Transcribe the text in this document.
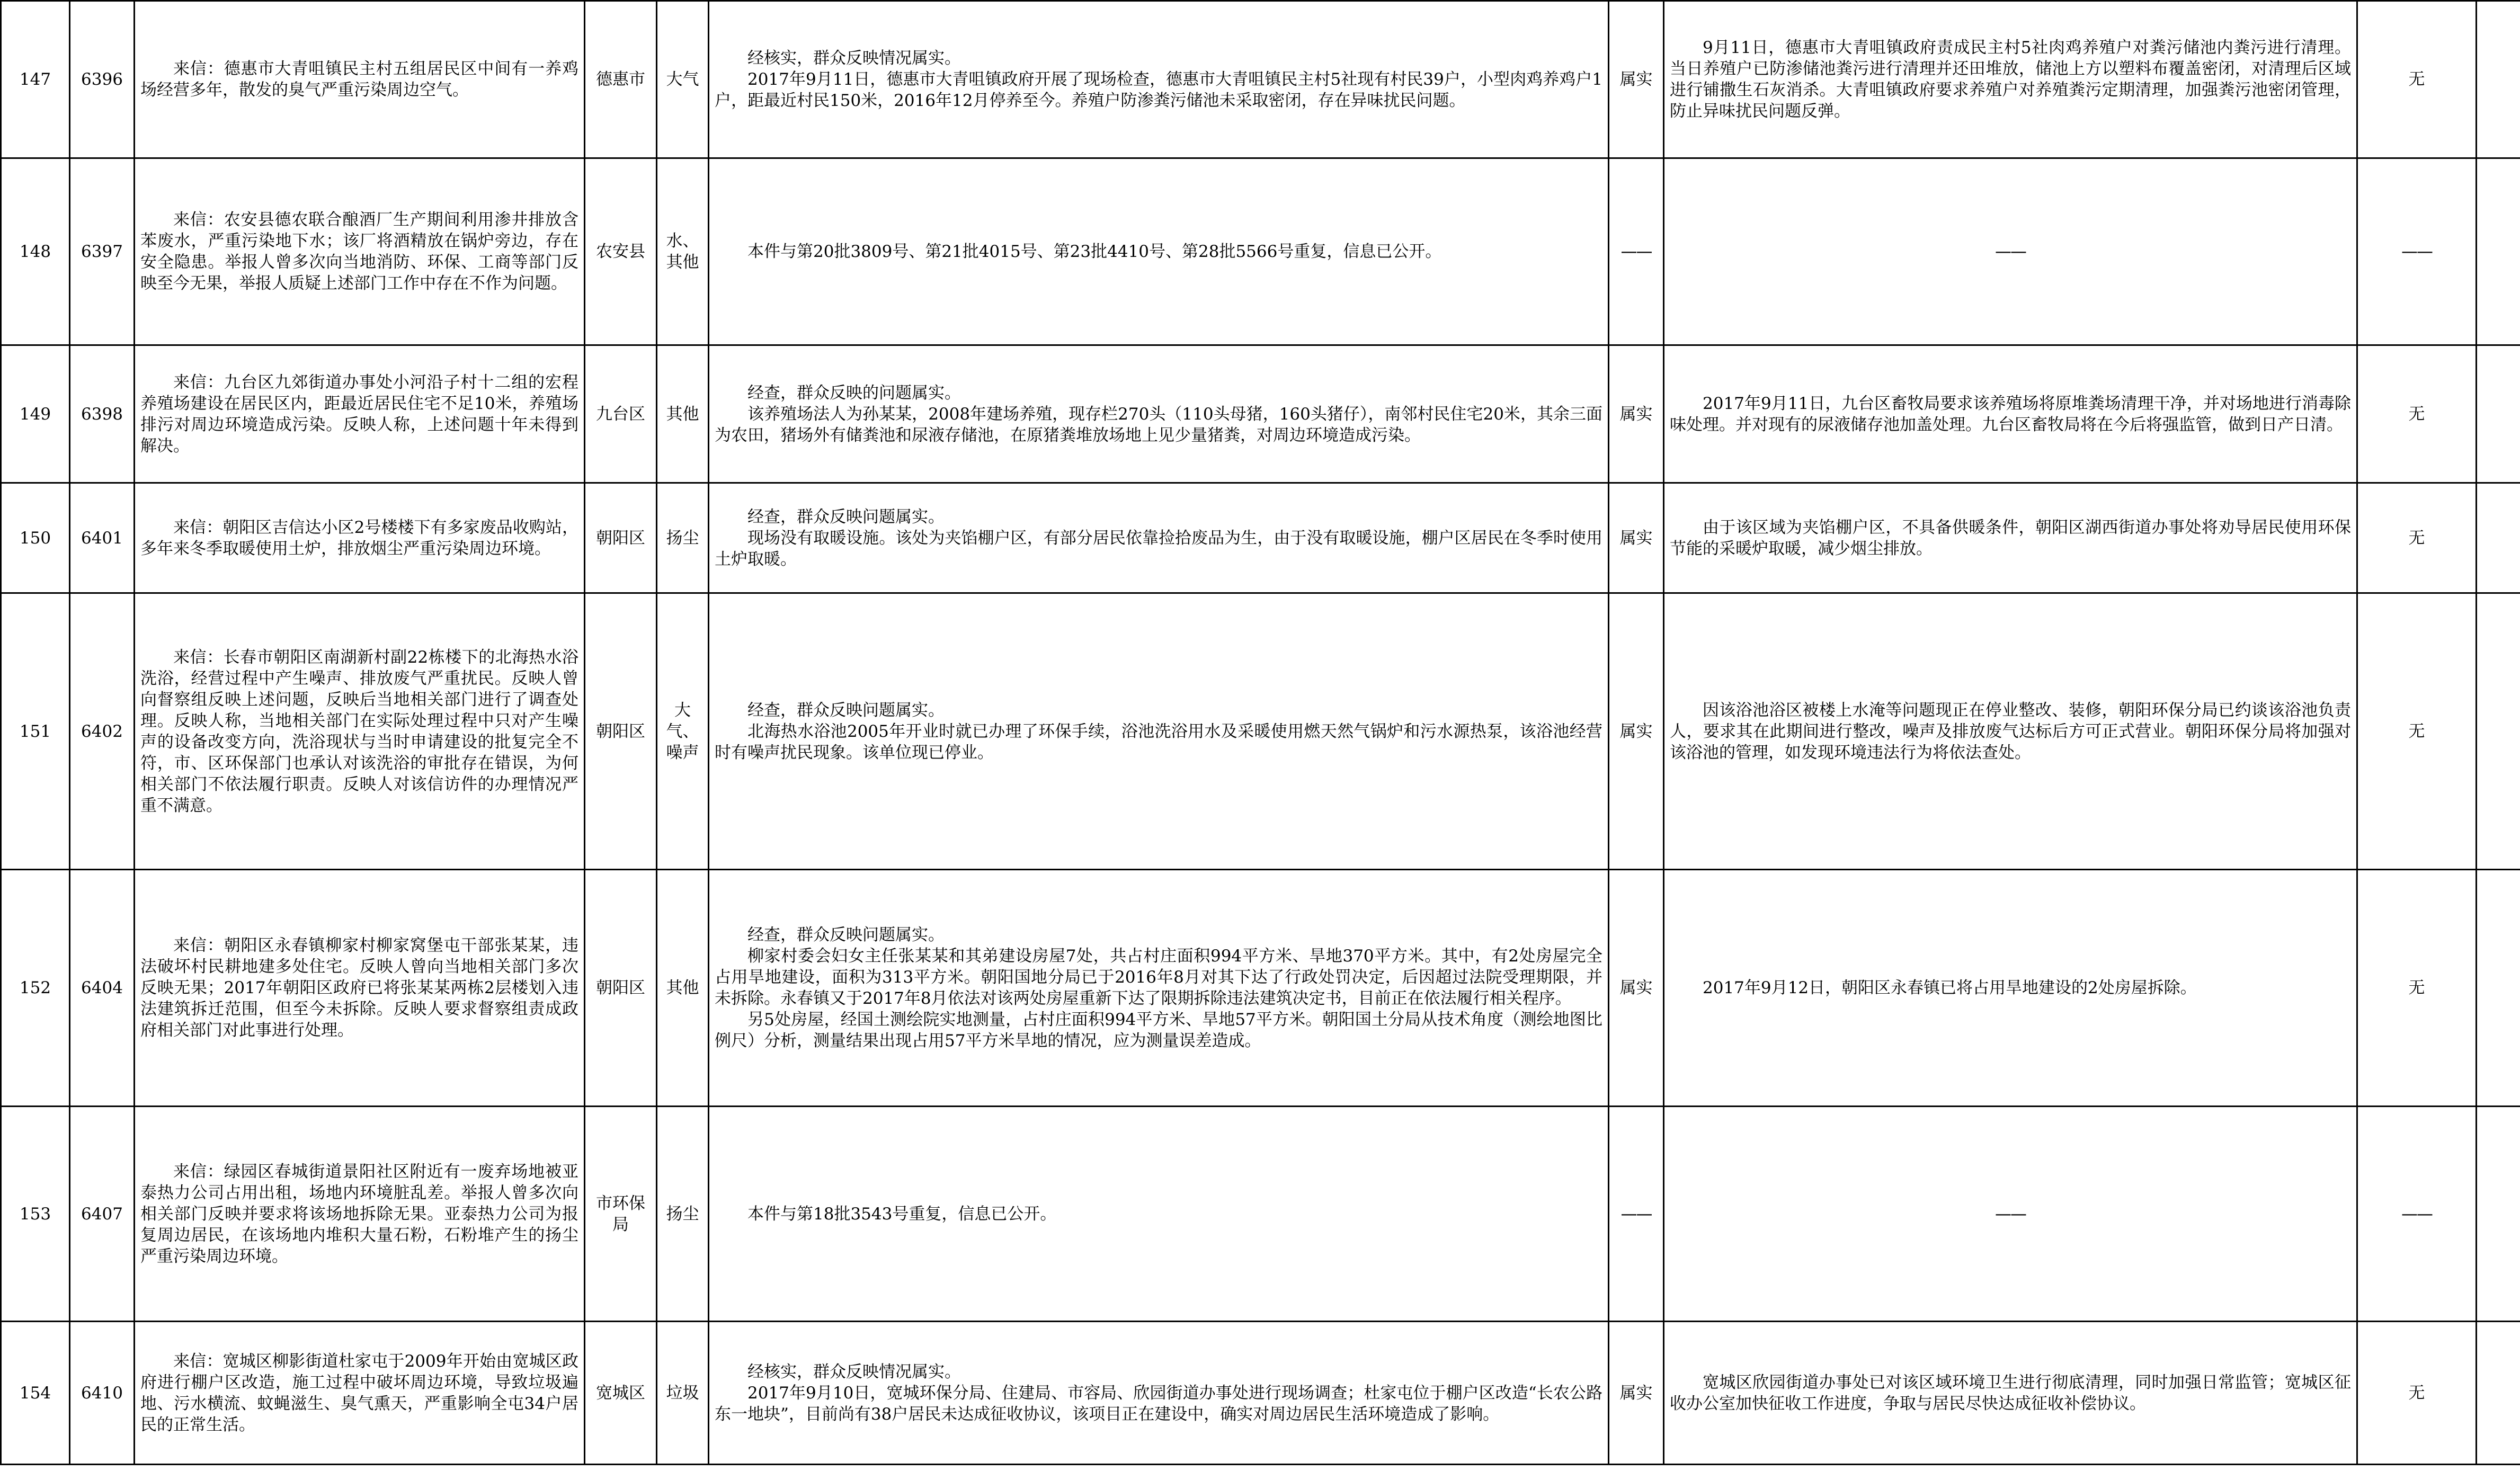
147	6396	来信：德惠市大青咀镇民主村五组居民区中间有一养鸡场经营多年，散发的臭气严重污染周边空气。	德惠市	大气	经核实，群众反映情况属实。

2017年9月11日，德惠市大青咀镇政府开展了现场检查，德惠市大青咀镇民主村5社现有村民39户，小型肉鸡养鸡户1户，距最近村民150米，2016年12月停养至今。养殖户防渗粪污储池未采取密闭，存在异味扰民问题。	属实	9月11日，德惠市大青咀镇政府责成民主村5社肉鸡养殖户对粪污储池内粪污进行清理。当日养殖户已防渗储池粪污进行清理并还田堆放，储池上方以塑料布覆盖密闭，对清理后区域进行铺撒生石灰消杀。大青咀镇政府要求养殖户对养殖粪污定期清理，加强粪污池密闭管理，防止异味扰民问题反弹。	无	
148	6397	来信：农安县德农联合酿酒厂生产期间利用渗井排放含苯废水，严重污染地下水；该厂将酒精放在锅炉旁边，存在安全隐患。举报人曾多次向当地消防、环保、工商等部门反映至今无果，举报人质疑上述部门工作中存在不作为问题。	农安县	水、其他	本件与第20批3809号、第21批4015号、第23批4410号、第28批5566号重复，信息已公开。	——	——	——	
149	6398	来信：九台区九郊街道办事处小河沿子村十二组的宏程养殖场建设在居民区内，距最近居民住宅不足10米，养殖场排污对周边环境造成污染。反映人称，上述问题十年未得到解决。	九台区	其他	经查，群众反映的问题属实。

该养殖场法人为孙某某，2008年建场养殖，现存栏270头（110头母猪，160头猪仔），南邻村民住宅20米，其余三面为农田，猪场外有储粪池和尿液存储池，在原猪粪堆放场地上见少量猪粪，对周边环境造成污染。	属实	2017年9月11日，九台区畜牧局要求该养殖场将原堆粪场清理干净，并对场地进行消毒除味处理。并对现有的尿液储存池加盖处理。九台区畜牧局将在今后将强监管，做到日产日清。	无	
150	6401	来信：朝阳区吉信达小区2号楼楼下有多家废品收购站，多年来冬季取暖使用土炉，排放烟尘严重污染周边环境。	朝阳区	扬尘	经查，群众反映问题属实。

现场没有取暖设施。该处为夹馅棚户区，有部分居民依靠捡拾废品为生，由于没有取暖设施，棚户区居民在冬季时使用土炉取暖。	属实	由于该区域为夹馅棚户区，不具备供暖条件，朝阳区湖西街道办事处将劝导居民使用环保节能的采暖炉取暖，减少烟尘排放。	无	
151	6402	来信：长春市朝阳区南湖新村副22栋楼下的北海热水浴洗浴，经营过程中产生噪声、排放废气严重扰民。反映人曾向督察组反映上述问题，反映后当地相关部门进行了调查处理。反映人称，当地相关部门在实际处理过程中只对产生噪声的设备改变方向，洗浴现状与当时申请建设的批复完全不符，市、区环保部门也承认对该洗浴的审批存在错误，为何相关部门不依法履行职责。反映人对该信访件的办理情况严重不满意。	朝阳区	大气、噪声	经查，群众反映问题属实。

北海热水浴池2005年开业时就已办理了环保手续，浴池洗浴用水及采暖使用燃天然气锅炉和污水源热泵，该浴池经营时有噪声扰民现象。该单位现已停业。	属实	因该浴池浴区被楼上水淹等问题现正在停业整改、装修，朝阳环保分局已约谈该浴池负责人，要求其在此期间进行整改，噪声及排放废气达标后方可正式营业。朝阳环保分局将加强对该浴池的管理，如发现环境违法行为将依法查处。	无	
152	6404	来信：朝阳区永春镇柳家村柳家窝堡屯干部张某某，违法破坏村民耕地建多处住宅。反映人曾向当地相关部门多次反映无果；2017年朝阳区政府已将张某某两栋2层楼划入违法建筑拆迁范围，但至今未拆除。反映人要求督察组责成政府相关部门对此事进行处理。	朝阳区	其他	经查，群众反映问题属实。

柳家村委会妇女主任张某某和其弟建设房屋7处，共占村庄面积994平方米、旱地370平方米。其中，有2处房屋完全占用旱地建设，面积为313平方米。朝阳国地分局已于2016年8月对其下达了行政处罚决定，后因超过法院受理期限，并未拆除。永春镇又于2017年8月依法对该两处房屋重新下达了限期拆除违法建筑决定书，目前正在依法履行相关程序。

另5处房屋，经国土测绘院实地测量，占村庄面积994平方米、旱地57平方米。朝阳国土分局从技术角度（测绘地图比例尺）分析，测量结果出现占用57平方米旱地的情况，应为测量误差造成。	属实	2017年9月12日，朝阳区永春镇已将占用旱地建设的2处房屋拆除。	无	
153	6407	来信：绿园区春城街道景阳社区附近有一废弃场地被亚泰热力公司占用出租，场地内环境脏乱差。举报人曾多次向相关部门反映并要求将该场地拆除无果。亚泰热力公司为报复周边居民，在该场地内堆积大量石粉，石粉堆产生的扬尘严重污染周边环境。	市环保局	扬尘	本件与第18批3543号重复，信息已公开。	——	——	——	
154	6410	来信：宽城区柳影街道杜家屯于2009年开始由宽城区政府进行棚户区改造，施工过程中破坏周边环境，导致垃圾遍地、污水横流、蚊蝇滋生、臭气熏天，严重影响全屯34户居民的正常生活。	宽城区	垃圾	经核实，群众反映情况属实。

2017年9月10日，宽城环保分局、住建局、市容局、欣园街道办事处进行现场调查；杜家屯位于棚户区改造“长农公路东一地块”，目前尚有38户居民未达成征收协议，该项目正在建设中，确实对周边居民生活环境造成了影响。	属实	宽城区欣园街道办事处已对该区域环境卫生进行彻底清理，同时加强日常监管；宽城区征收办公室加快征收工作进度，争取与居民尽快达成征收补偿协议。	无	
